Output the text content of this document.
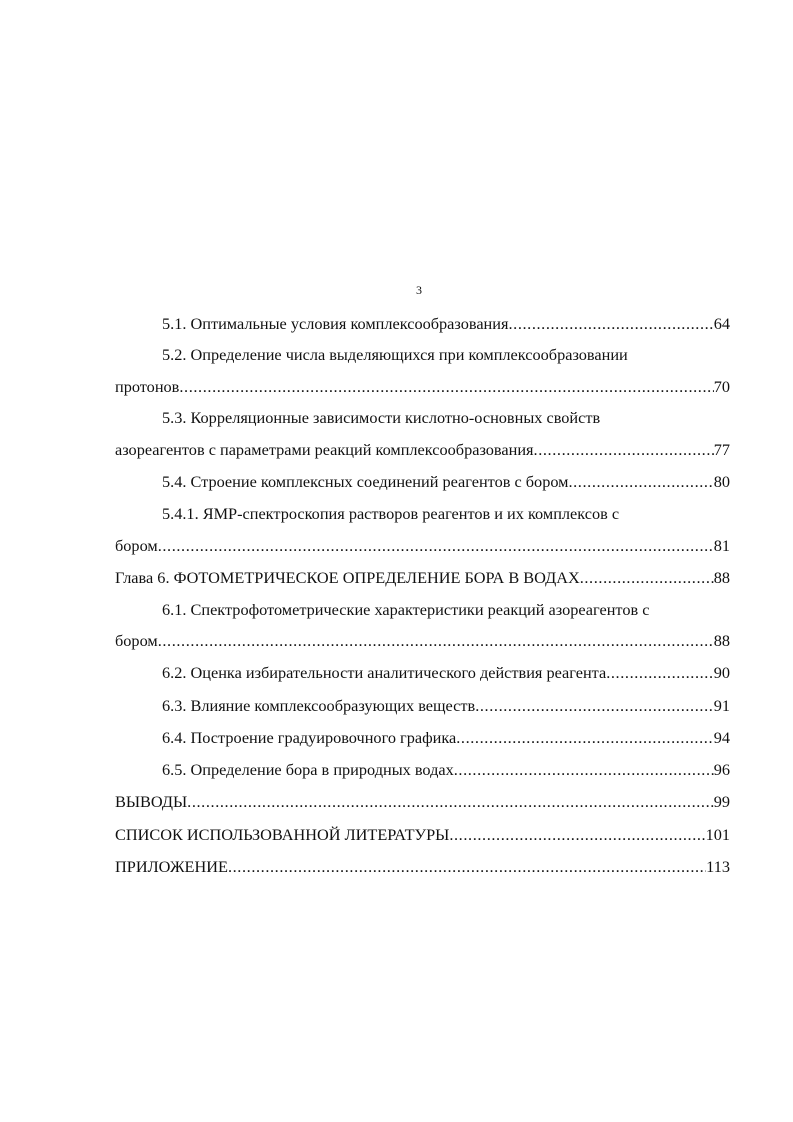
3
5.1. Оптимальные условия комплексообразования .....	64
5.2. Определение числа выделяющихся при комплексообразовании
протонов .....	70
5.3. Корреляционные зависимости кислотно-основных свойств
азореагентов с параметрами реакций комплексообразования .....	77
5.4. Строение комплексных соединений реагентов с бором .....	80
5.4.1. ЯМР-спектроскопия растворов реагентов и их комплексов с
бором .....	81
Глава 6. ФОТОМЕТРИЧЕСКОЕ ОПРЕДЕЛЕНИЕ БОРА В ВОДАХ .....	88
6.1. Спектрофотометрические характеристики реакций азореагентов с
бором .....	88
6.2. Оценка избирательности аналитического действия реагента .....	90
6.3. Влияние комплексообразующих веществ .....	91
6.4. Построение градуировочного графика .....	94
6.5. Определение бора в природных водах .....	96
ВЫВОДЫ .....	99
СПИСОК ИСПОЛЬЗОВАННОЙ ЛИТЕРАТУРЫ .....	101
ПРИЛОЖЕНИЕ .....	113
